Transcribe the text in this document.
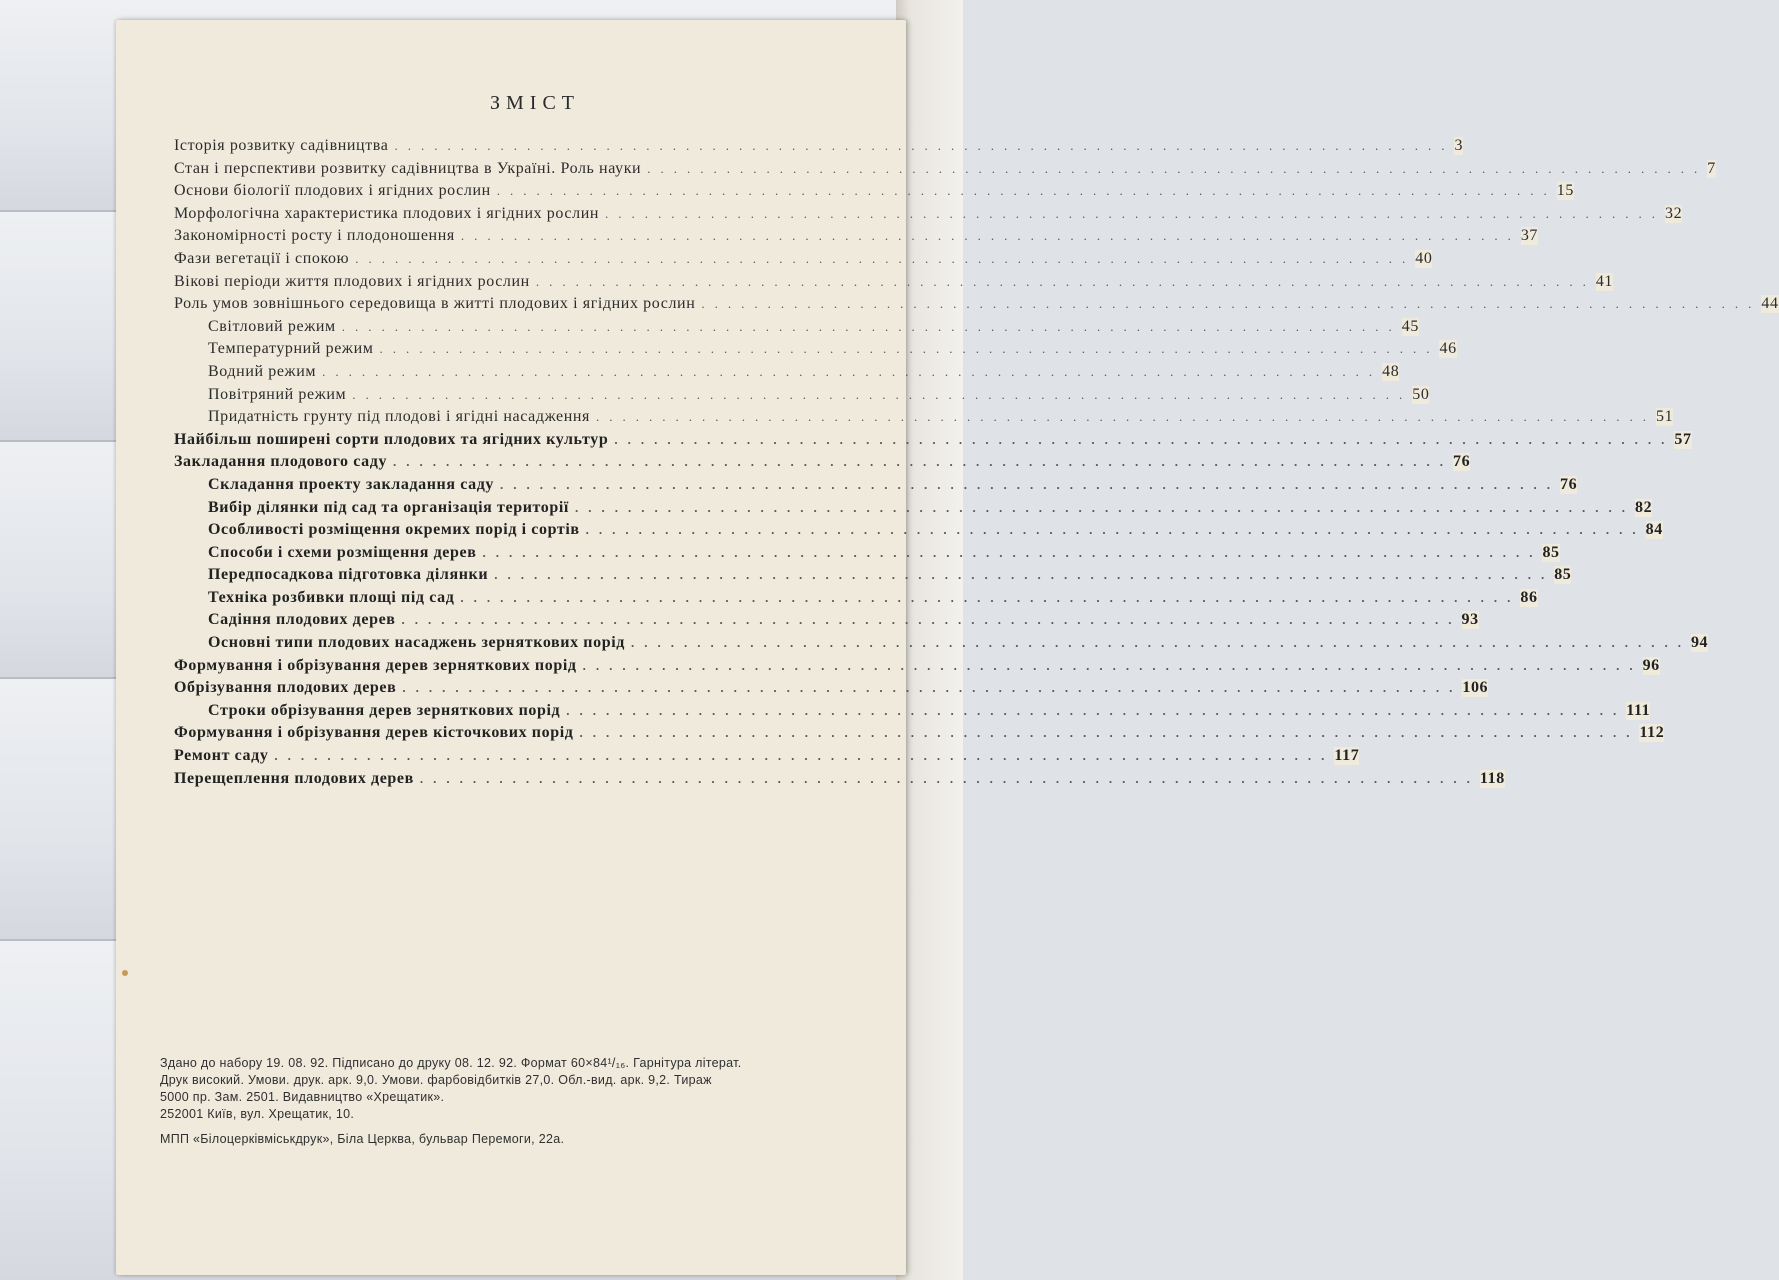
ЗМІСТ
Історія розвитку садівництва ................................................................................ 3
Стан і перспективи розвитку садівництва в Україні. Роль науки ................................................................................ 7
Основи біології плодових і ягідних рослин ................................................................................ 15
Морфологічна характеристика плодових і ягідних рослин ................................................................................ 32
Закономірності росту і плодоношення ................................................................................ 37
Фази вегетації і спокою ................................................................................ 40
Вікові періоди життя плодових і ягідних рослин ................................................................................ 41
Роль умов зовнішнього середовища в житті плодових і ягідних рослин ................................................................................ 44
Світловий режим ................................................................................ 45
Температурний режим ................................................................................ 46
Водний режим ................................................................................ 48
Повітряний режим ................................................................................ 50
Придатність грунту під плодові і ягідні насадження ................................................................................ 51
Найбільш поширені сорти плодових та ягідних культур ................................................................................ 57
Закладання плодового саду ................................................................................ 76
Складання проекту закладання саду ................................................................................ 76
Вибір ділянки під сад та організація території ................................................................................ 82
Особливості розміщення окремих порід і сортів ................................................................................ 84
Способи і схеми розміщення дерев ................................................................................ 85
Передпосадкова підготовка ділянки ................................................................................ 85
Техніка розбивки площі під сад ................................................................................ 86
Садіння плодових дерев ................................................................................ 93
Основні типи плодових насаджень зерняткових порід ................................................................................ 94
Формування і обрізування дерев зерняткових порід ................................................................................ 96
Обрізування плодових дерев ................................................................................ 106
Строки обрізування дерев зерняткових порід ................................................................................ 111
Формування і обрізування дерев кісточкових порід ................................................................................ 112
Ремонт саду ................................................................................ 117
Перещеплення плодових дерев ................................................................................ 118
Здано до набору 19. 08. 92. Підписано до друку 08. 12. 92. Формат 60×84¹/₁₆. Гарнітура літерат.
Друк високий. Умови. друк. арк. 9,0. Умови. фарбовідбитків 27,0. Обл.-вид. арк. 9,2. Тираж
5000 пр. Зам. 2501. Видавництво «Хрещатик».
252001 Київ, вул. Хрещатик, 10.
МПП «Білоцерківміськдрук», Біла Церква, бульвар Перемоги, 22а.
